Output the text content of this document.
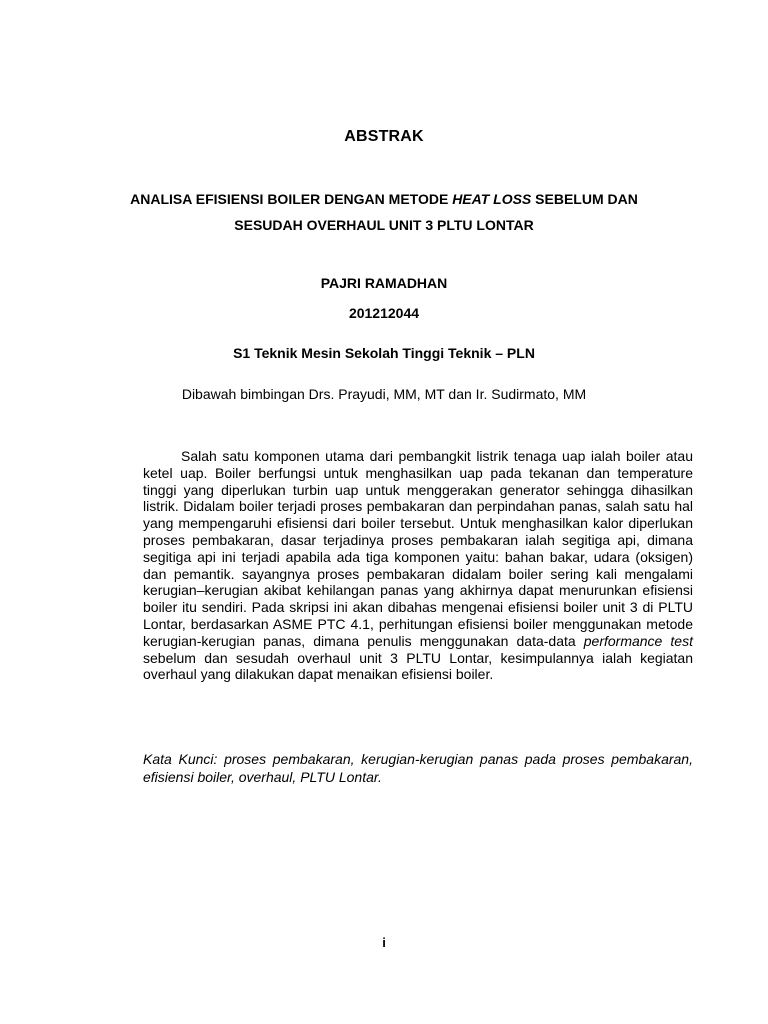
ABSTRAK
ANALISA EFISIENSI BOILER DENGAN METODE HEAT LOSS SEBELUM DAN
SESUDAH OVERHAUL UNIT 3 PLTU LONTAR
PAJRI RAMADHAN
201212044
S1 Teknik Mesin Sekolah Tinggi Teknik – PLN
Dibawah bimbingan Drs. Prayudi, MM, MT dan Ir. Sudirmato, MM

Salah satu komponen utama dari pembangkit listrik tenaga uap ialah boiler atau ketel uap. Boiler berfungsi untuk menghasilkan uap pada tekanan dan temperature tinggi yang diperlukan turbin uap untuk menggerakan generator sehingga dihasilkan listrik. Didalam boiler terjadi proses pembakaran dan perpindahan panas, salah satu hal yang mempengaruhi efisiensi dari boiler tersebut. Untuk menghasilkan kalor diperlukan proses pembakaran, dasar terjadinya proses pembakaran ialah segitiga api, dimana segitiga api ini terjadi apabila ada tiga komponen yaitu: bahan bakar, udara (oksigen) dan pemantik. sayangnya proses pembakaran didalam boiler sering kali mengalami kerugian–kerugian akibat kehilangan panas yang akhirnya dapat menurunkan efisiensi boiler itu sendiri. Pada skripsi ini akan dibahas mengenai efisiensi boiler unit 3 di PLTU Lontar, berdasarkan ASME PTC 4.1, perhitungan efisiensi boiler menggunakan metode kerugian-kerugian panas, dimana penulis menggunakan data-data performance test sebelum dan sesudah overhaul unit 3 PLTU Lontar, kesimpulannya ialah kegiatan overhaul yang dilakukan dapat menaikan efisiensi boiler.

Kata Kunci: proses pembakaran, kerugian-kerugian panas pada proses pembakaran, efisiensi boiler, overhaul, PLTU Lontar.
i
